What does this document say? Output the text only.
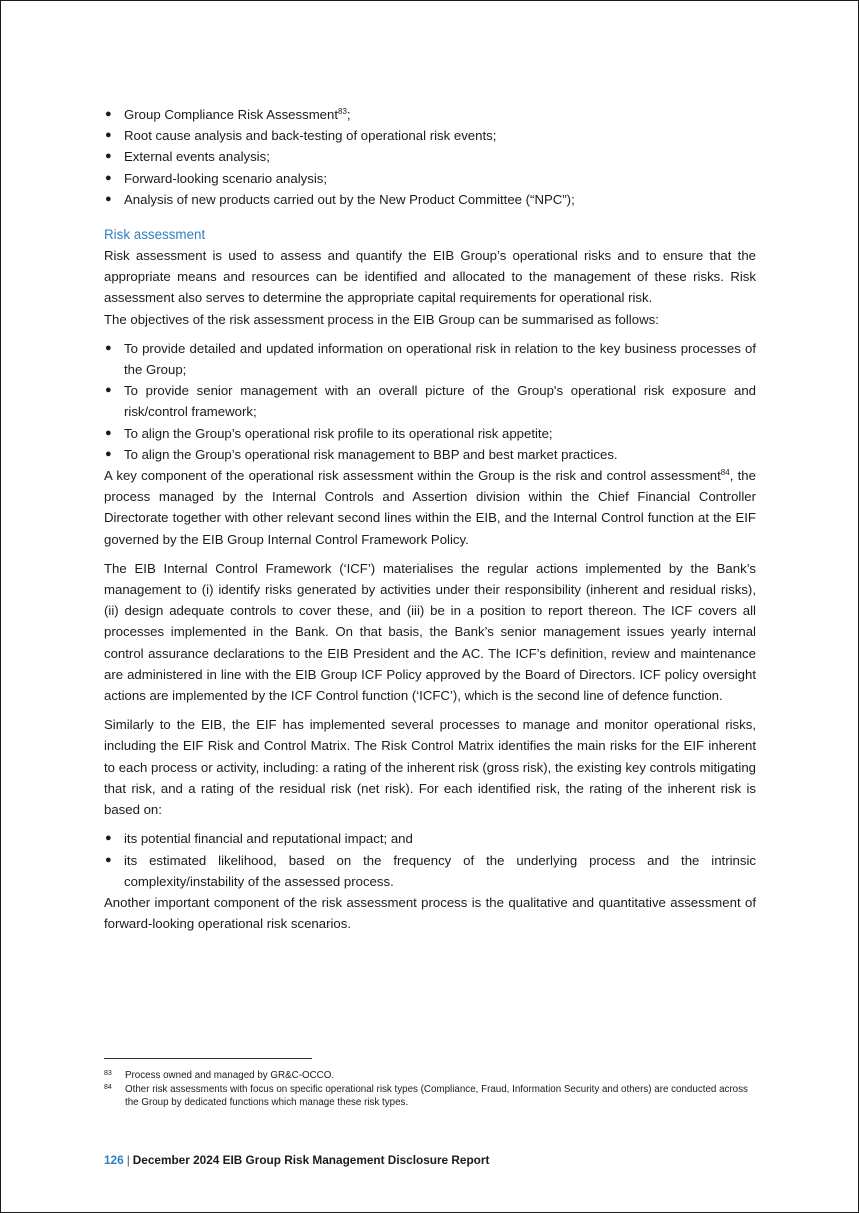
● Group Compliance Risk Assessment$^{83}$;
● Root cause analysis and back-testing of operational risk events;
● External events analysis;
● Forward-looking scenario analysis;
● Analysis of new products carried out by the New Product Committee (“NPC”);
Risk assessment

Risk assessment is used to assess and quantify the EIB Group’s operational risks and to ensure that the appropriate means and resources can be identified and allocated to the management of these risks. Risk assessment also serves to determine the appropriate capital requirements for operational risk.

The objectives of the risk assessment process in the EIB Group can be summarised as follows:

● To provide detailed and updated information on operational risk in relation to the key business processes of the Group;
● To provide senior management with an overall picture of the Group's operational risk exposure and risk/control framework;
● To align the Group’s operational risk profile to its operational risk appetite;
● To align the Group’s operational risk management to BBP and best market practices.

A key component of the operational risk assessment within the Group is the risk and control assessment$^{84}$, the process managed by the Internal Controls and Assertion division within the Chief Financial Controller Directorate together with other relevant second lines within the EIB, and the Internal Control function at the EIF governed by the EIB Group Internal Control Framework Policy.

The EIB Internal Control Framework (‘ICF’) materialises the regular actions implemented by the Bank’s management to (i) identify risks generated by activities under their responsibility (inherent and residual risks), (ii) design adequate controls to cover these, and (iii) be in a position to report thereon. The ICF covers all processes implemented in the Bank. On that basis, the Bank’s senior management issues yearly internal control assurance declarations to the EIB President and the AC. The ICF’s definition, review and maintenance are administered in line with the EIB Group ICF Policy approved by the Board of Directors. ICF policy oversight actions are implemented by the ICF Control function (‘ICFC’), which is the second line of defence function.

Similarly to the EIB, the EIF has implemented several processes to manage and monitor operational risks, including the EIF Risk and Control Matrix. The Risk Control Matrix identifies the main risks for the EIF inherent to each process or activity, including: a rating of the inherent risk (gross risk), the existing key controls mitigating that risk, and a rating of the residual risk (net risk). For each identified risk, the rating of the inherent risk is based on:

● its potential financial and reputational impact; and
● its estimated likelihood, based on the frequency of the underlying process and the intrinsic complexity/instability of the assessed process.

Another important component of the risk assessment process is the qualitative and quantitative assessment of forward-looking operational risk scenarios.

83 Process owned and managed by GR&C-OCCO.
84 Other risk assessments with focus on specific operational risk types (Compliance, Fraud, Information Security and others) are conducted across the Group by dedicated functions which manage these risk types.
126 | December 2024 EIB Group Risk Management Disclosure Report
